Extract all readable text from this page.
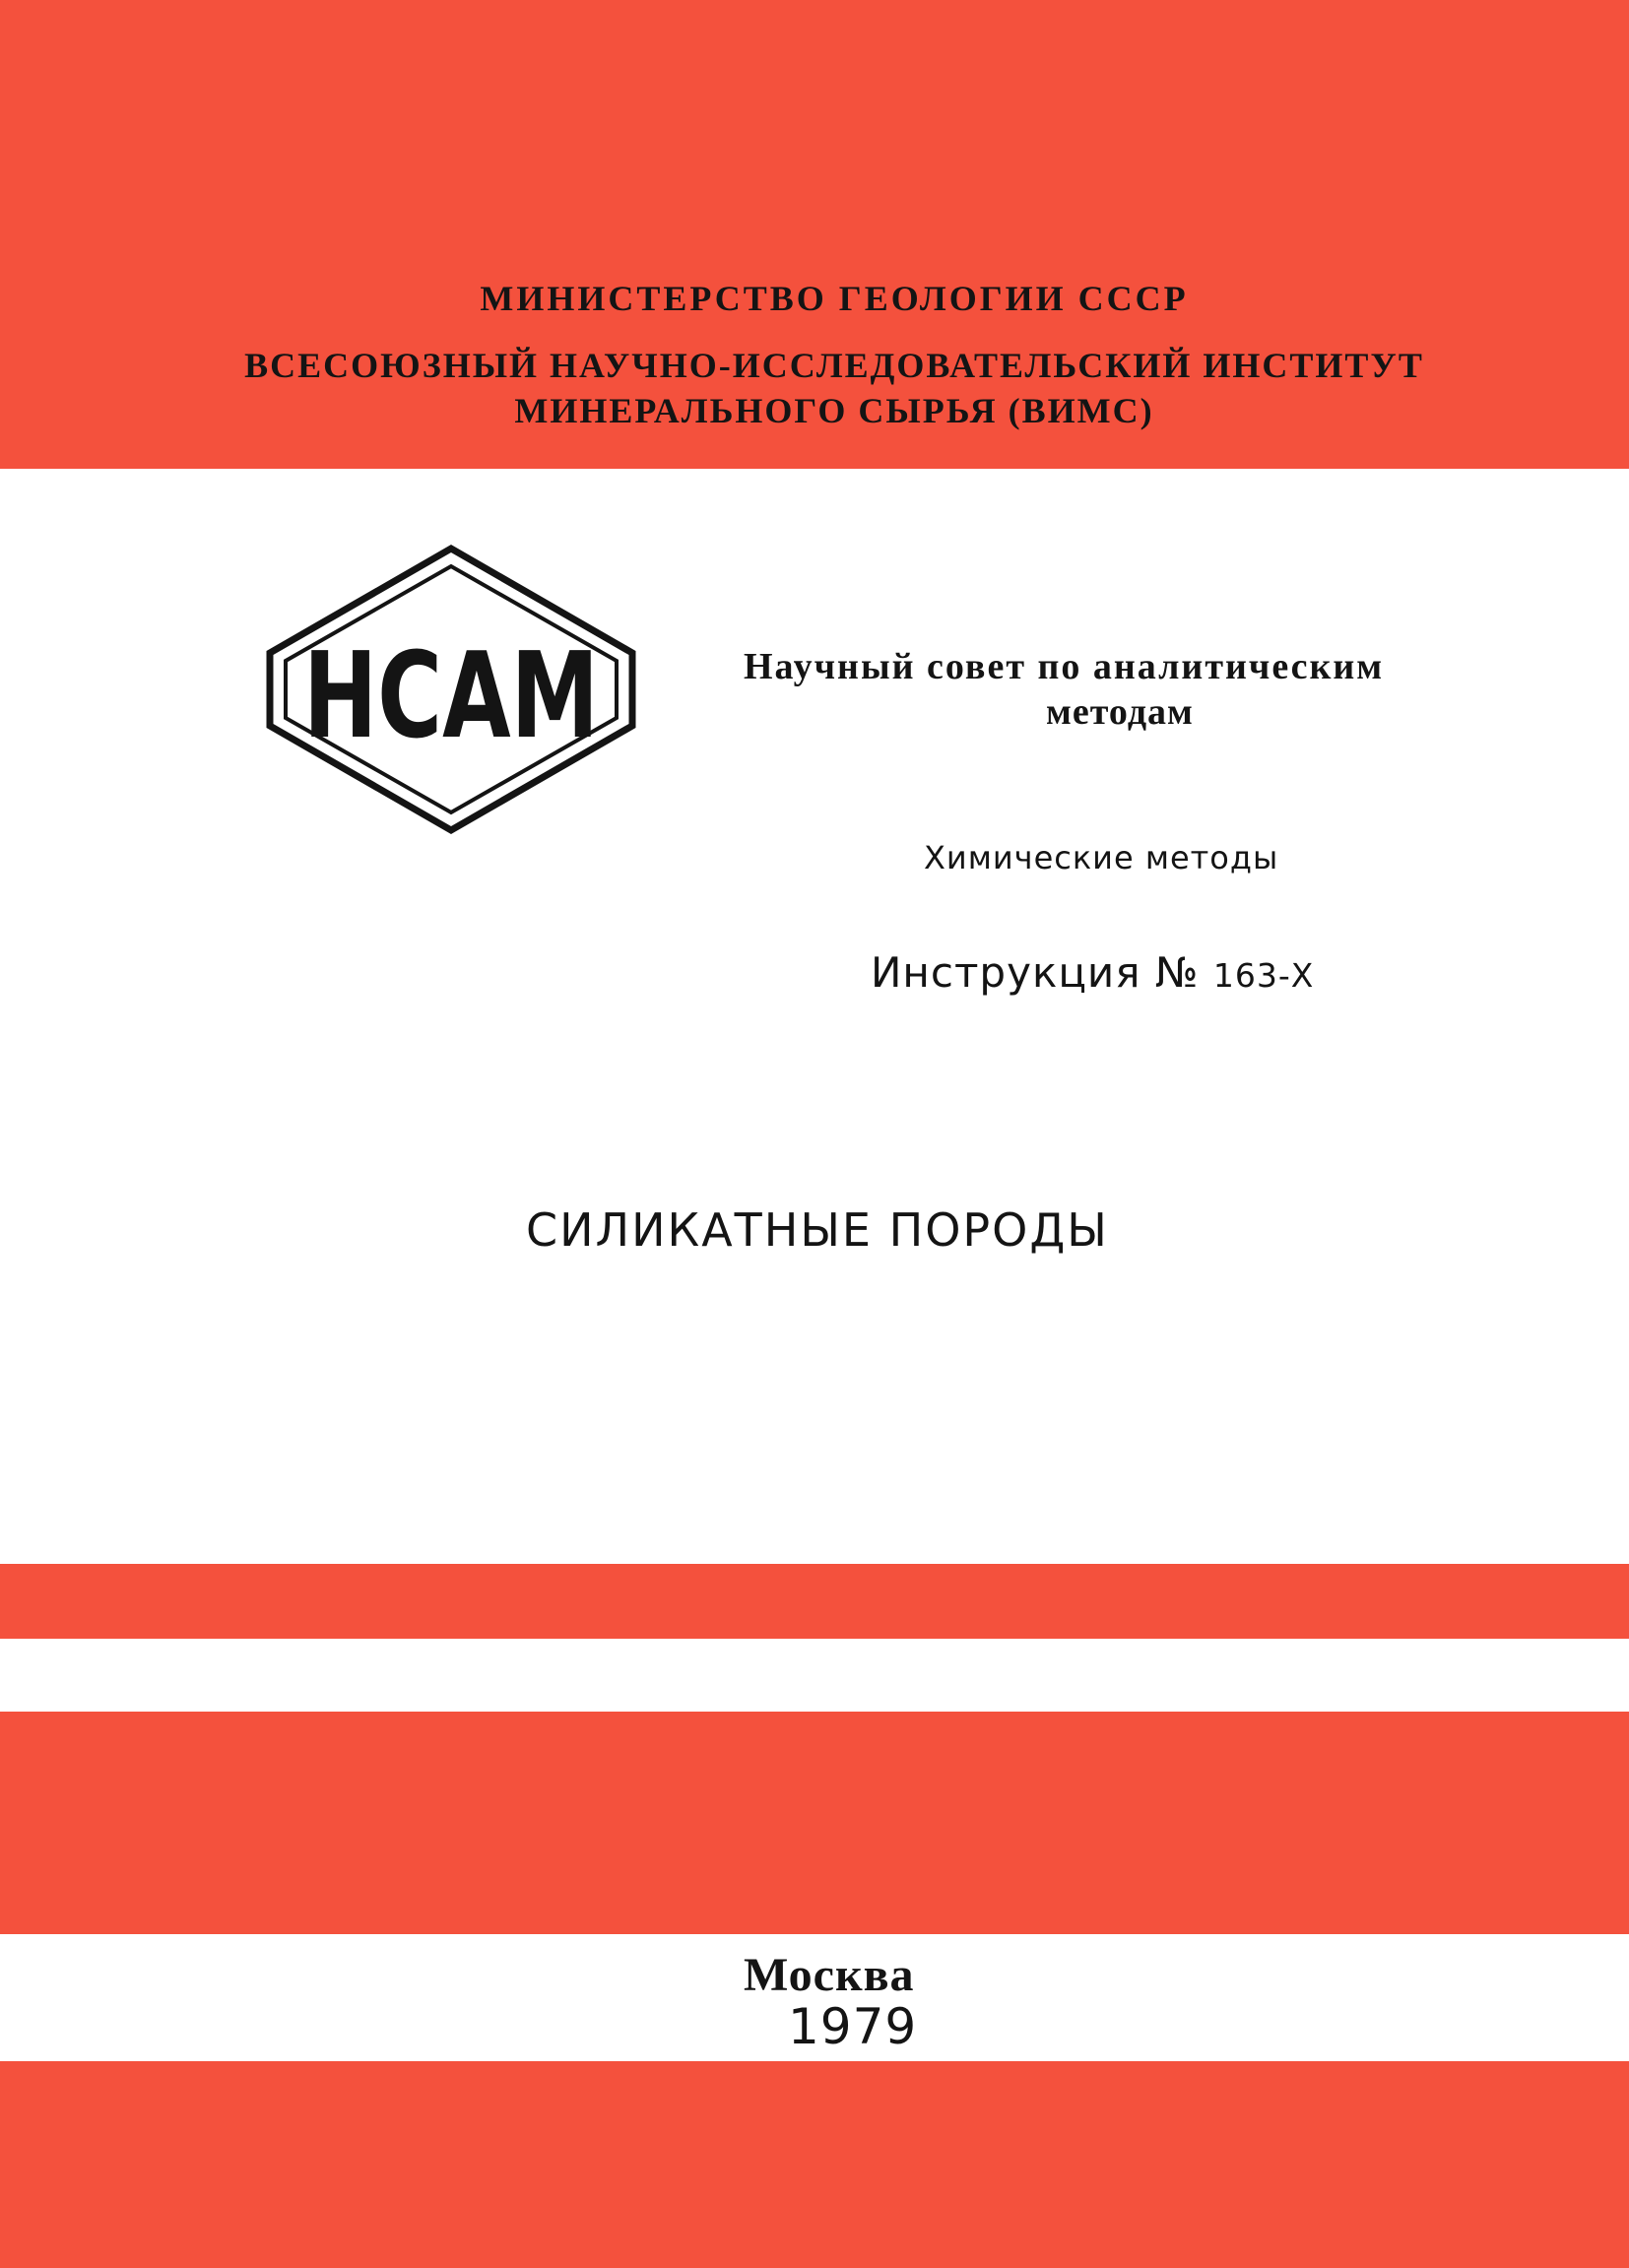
МИНИСТЕРСТВО ГЕОЛОГИИ СССР
ВСЕСОЮЗНЫЙ НАУЧНО-ИССЛЕДОВАТЕЛЬСКИЙ ИНСТИТУТ
МИНЕРАЛЬНОГО СЫРЬЯ (ВИМС)
НСАМ	Научный совет по аналитическим
методам
Химические методы
Инструкция № 163-Х
СИЛИКАТНЫЕ ПОРОДЫ
Москва
1979
